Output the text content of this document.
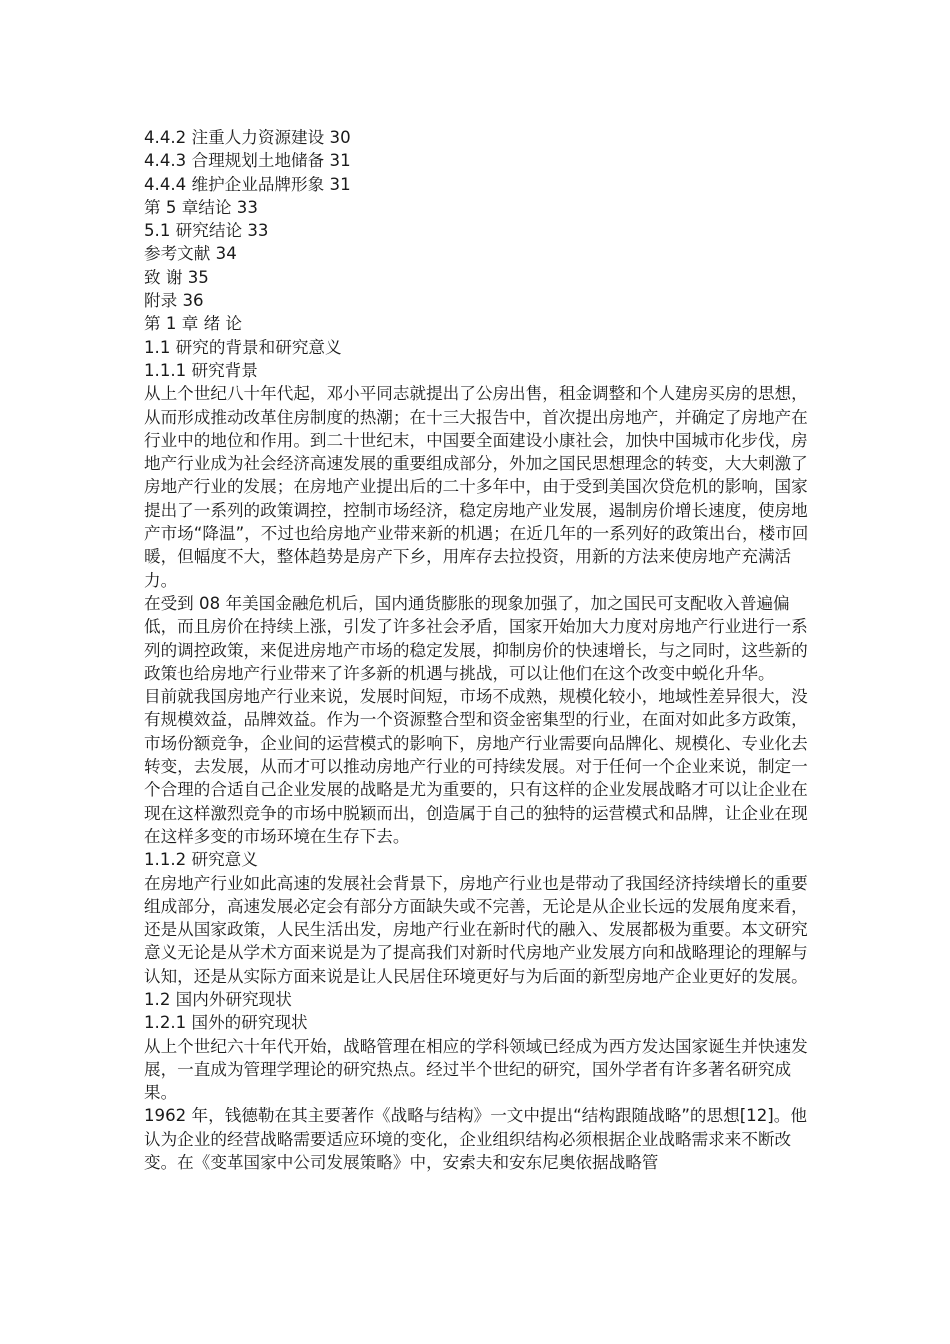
4.4.2 注重人力资源建设 30

4.4.3 合理规划土地储备 31

4.4.4 维护企业品牌形象 31

第 5 章结论 33

5.1 研究结论 33

参考文献 34

致 谢 35

附录 36

第 1 章 绪 论

1.1 研究的背景和研究意义

1.1.1 研究背景

从上个世纪八十年代起，邓小平同志就提出了公房出售，租金调整和个人建房买房的思想，从而形成推动改革住房制度的热潮；在十三大报告中，首次提出房地产，并确定了房地产在行业中的地位和作用。到二十世纪末，中国要全面建设小康社会，加快中国城市化步伐，房地产行业成为社会经济高速发展的重要组成部分，外加之国民思想理念的转变，大大刺激了房地产行业的发展；在房地产业提出后的二十多年中，由于受到美国次贷危机的影响，国家提出了一系列的政策调控，控制市场经济，稳定房地产业发展，遏制房价增长速度，使房地产市场“降温”，不过也给房地产业带来新的机遇；在近几年的一系列好的政策出台，楼市回暖，但幅度不大，整体趋势是房产下乡，用库存去拉投资，用新的方法来使房地产充满活力。

在受到 08 年美国金融危机后，国内通货膨胀的现象加强了，加之国民可支配收入普遍偏低，而且房价在持续上涨，引发了许多社会矛盾，国家开始加大力度对房地产行业进行一系列的调控政策，来促进房地产市场的稳定发展，抑制房价的快速增长，与之同时，这些新的政策也给房地产行业带来了许多新的机遇与挑战，可以让他们在这个改变中蜕化升华。

目前就我国房地产行业来说，发展时间短，市场不成熟，规模化较小，地域性差异很大，没有规模效益，品牌效益。作为一个资源整合型和资金密集型的行业，在面对如此多方政策，市场份额竞争，企业间的运营模式的影响下，房地产行业需要向品牌化、规模化、专业化去转变，去发展，从而才可以推动房地产行业的可持续发展。对于任何一个企业来说，制定一个合理的合适自己企业发展的战略是尤为重要的，只有这样的企业发展战略才可以让企业在现在这样激烈竞争的市场中脱颖而出，创造属于自己的独特的运营模式和品牌，让企业在现在这样多变的市场环境在生存下去。

1.1.2 研究意义

在房地产行业如此高速的发展社会背景下，房地产行业也是带动了我国经济持续增长的重要组成部分，高速发展必定会有部分方面缺失或不完善，无论是从企业长远的发展角度来看，还是从国家政策，人民生活出发，房地产行业在新时代的融入、发展都极为重要。本文研究意义无论是从学术方面来说是为了提高我们对新时代房地产业发展方向和战略理论的理解与认知，还是从实际方面来说是让人民居住环境更好与为后面的新型房地产企业更好的发展。

1.2 国内外研究现状

1.2.1 国外的研究现状

从上个世纪六十年代开始，战略管理在相应的学科领域已经成为西方发达国家诞生并快速发展，一直成为管理学理论的研究热点。经过半个世纪的研究，国外学者有许多著名研究成果。

1962 年，钱德勒在其主要著作《战略与结构》一文中提出“结构跟随战略”的思想[12]。他认为企业的经营战略需要适应环境的变化，企业组织结构必须根据企业战略需求来不断改变。在《变革国家中公司发展策略》中，安索夫和安东尼奥依据战略管
